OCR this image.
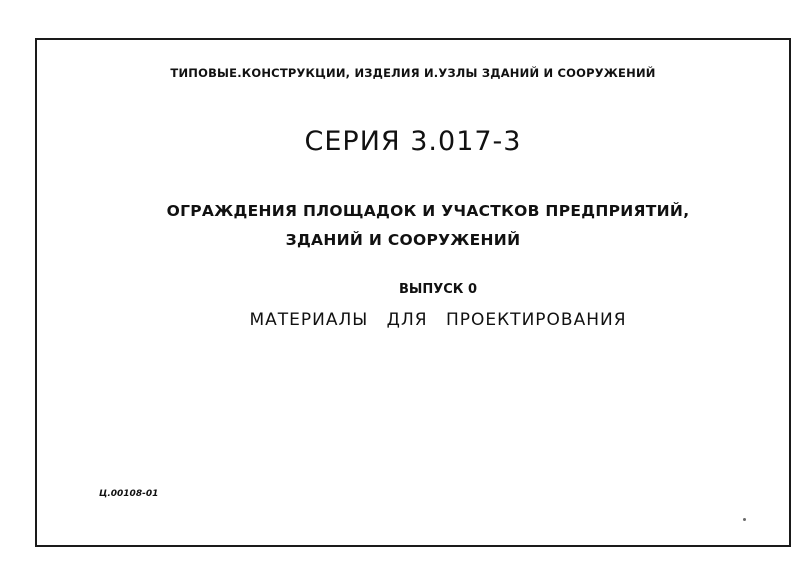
ТИПОВЫЕ.КОНСТРУКЦИИ, ИЗДЕЛИЯ И.УЗЛЫ ЗДАНИЙ И СООРУЖЕНИЙ
СЕРИЯ 3.017-3
ОГРАЖДЕНИЯ ПЛОЩАДОК И УЧАСТКОВ ПРЕДПРИЯТИЙ,
ЗДАНИЙ И СООРУЖЕНИЙ
ВЫПУСК 0
МАТЕРИАЛЫ ДЛЯ ПРОЕКТИРОВАНИЯ
Ц.00108-01
